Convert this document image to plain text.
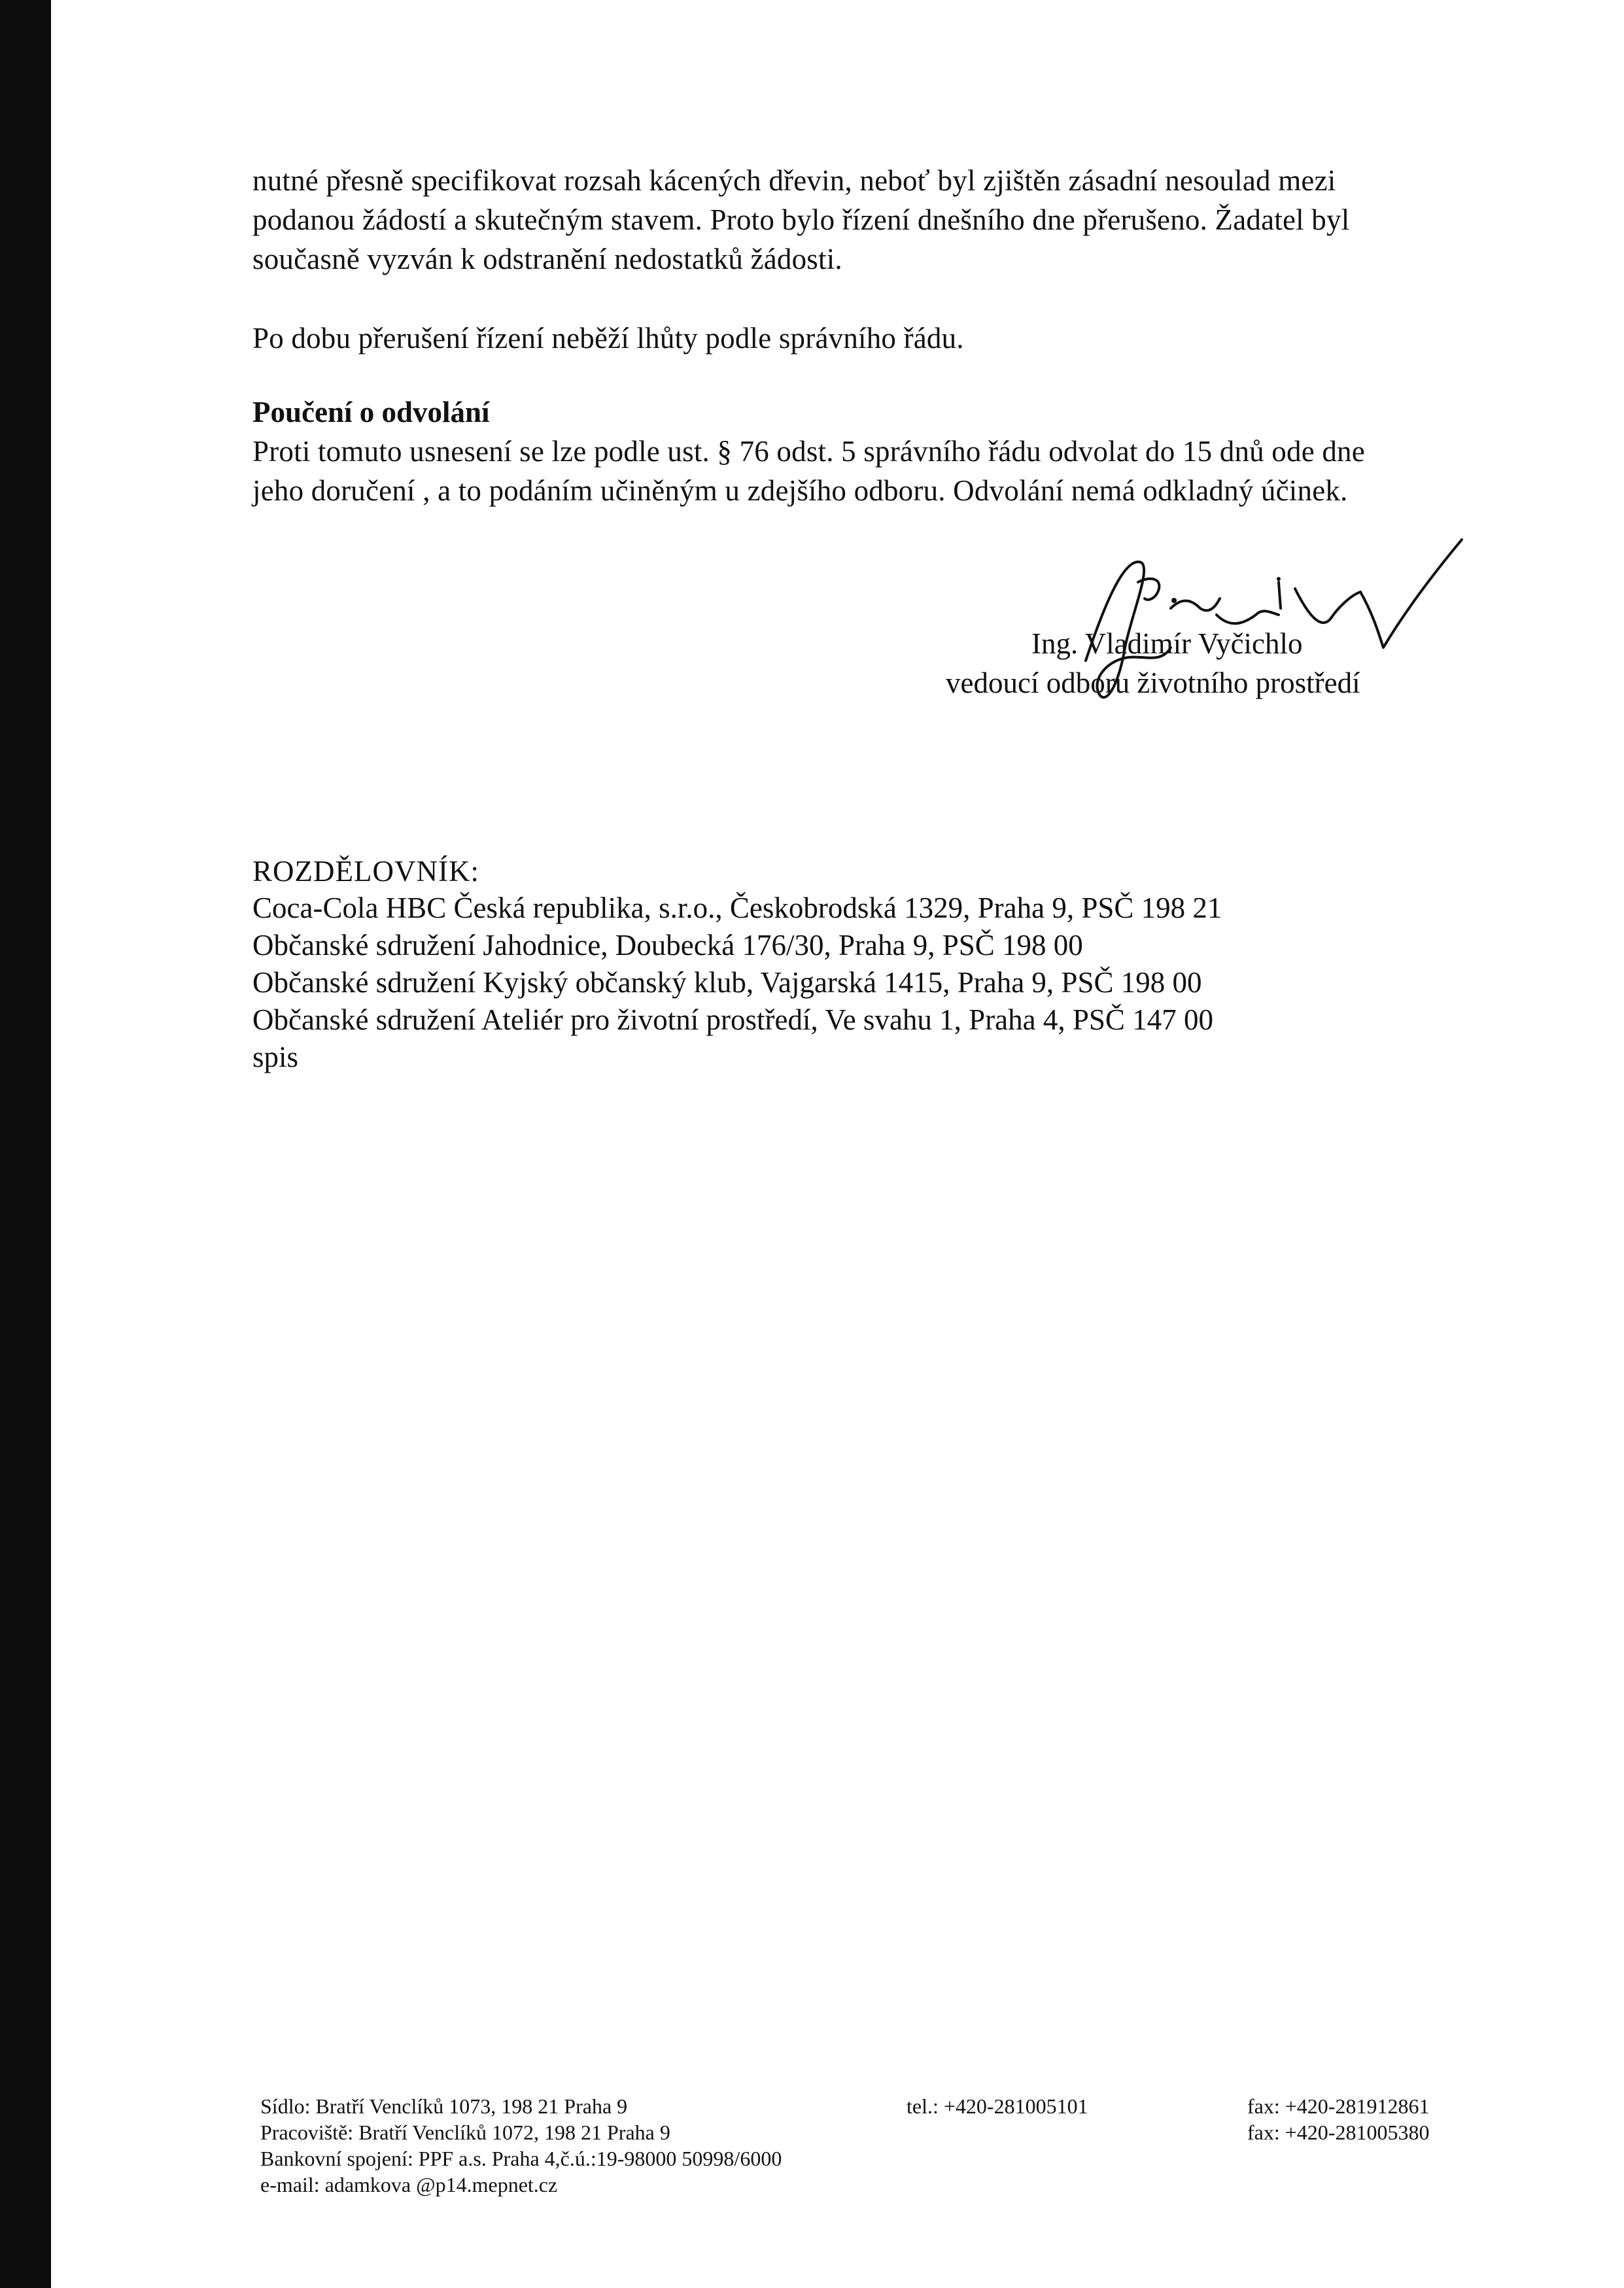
nutné přesně specifikovat rozsah kácených dřevin, neboť byl zjištěn zásadní nesoulad mezi
podanou žádostí a skutečným stavem. Proto bylo řízení dnešního dne přerušeno. Žadatel byl
současně vyzván k odstranění nedostatků žádosti.
Po dobu přerušení řízení neběží lhůty podle správního řádu.
Poučení o odvolání
Proti tomuto usnesení se lze podle ust. § 76 odst. 5 správního řádu odvolat do 15 dnů ode dne
jeho doručení , a to podáním učiněným u zdejšího odboru. Odvolání nemá odkladný účinek.
Ing. Vladimír Vyčichlo
vedoucí odboru životního prostředí
ROZDĚLOVNÍK:
Coca-Cola HBC Česká republika, s.r.o., Českobrodská 1329, Praha 9, PSČ 198 21
Občanské sdružení Jahodnice, Doubecká 176/30, Praha 9, PSČ 198 00
Občanské sdružení Kyjský občanský klub, Vajgarská 1415, Praha 9, PSČ 198 00
Občanské sdružení Ateliér pro životní prostředí, Ve svahu 1, Praha 4, PSČ 147 00
spis
Sídlo: Bratří Venclíků 1073, 198 21 Praha 9
Pracoviště: Bratří Venclíků 1072, 198 21 Praha 9
Bankovní spojení: PPF a.s. Praha 4,č.ú.:19-98000 50998/6000
e-mail: adamkova @p14.mepnet.cz
tel.: +420-281005101	fax: +420-281912861
fax: +420-281005380
